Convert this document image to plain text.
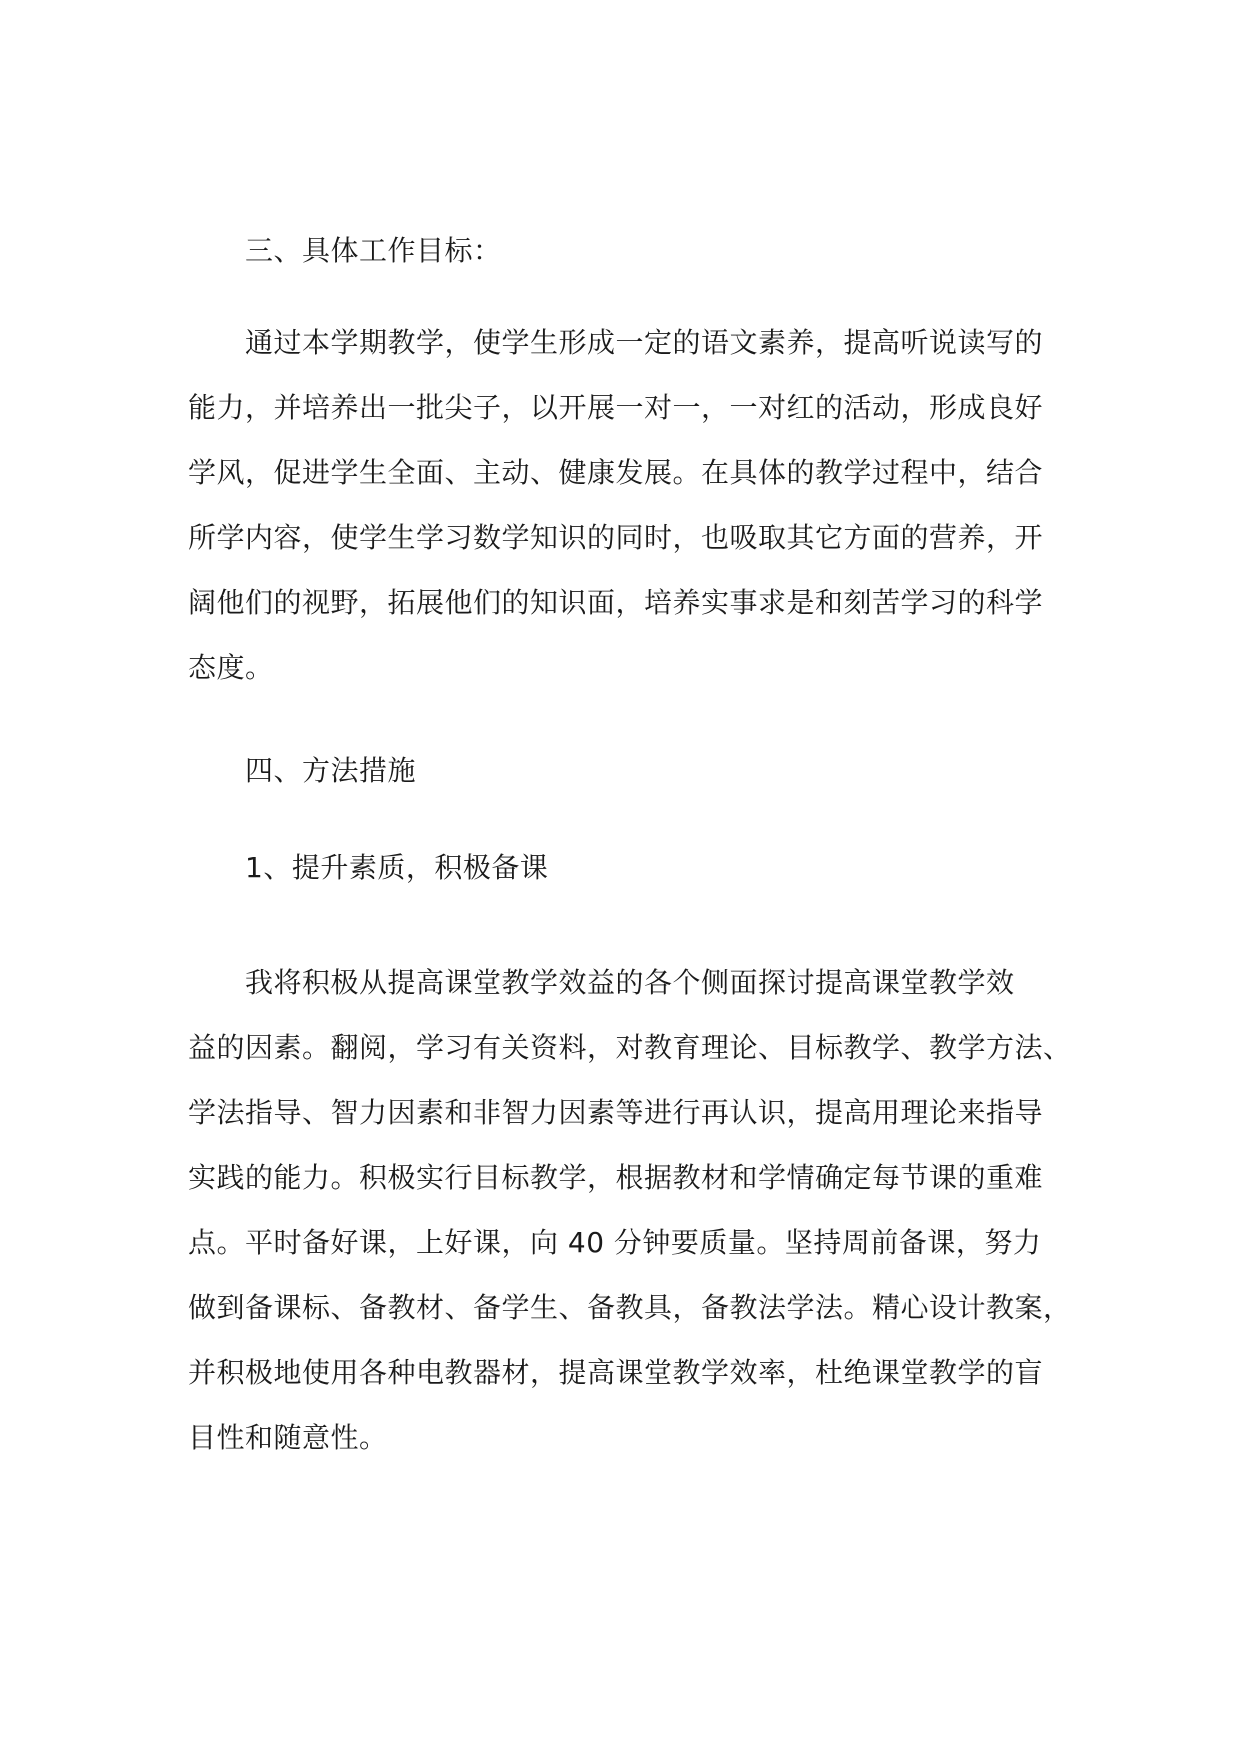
三、具体工作目标：

通过本学期教学，使学生形成一定的语文素养，提高听说读写的
能力，并培养出一批尖子，以开展一对一，一对红的活动，形成良好
学风，促进学生全面、主动、健康发展。在具体的教学过程中，结合
所学内容，使学生学习数学知识的同时，也吸取其它方面的营养，开
阔他们的视野，拓展他们的知识面，培养实事求是和刻苦学习的科学
态度。

四、方法措施

1、提升素质，积极备课

我将积极从提高课堂教学效益的各个侧面探讨提高课堂教学效
益的因素。翻阅，学习有关资料，对教育理论、目标教学、教学方法、
学法指导、智力因素和非智力因素等进行再认识，提高用理论来指导
实践的能力。积极实行目标教学，根据教材和学情确定每节课的重难
点。平时备好课，上好课，向 40 分钟要质量。坚持周前备课，努力
做到备课标、备教材、备学生、备教具，备教法学法。精心设计教案，
并积极地使用各种电教器材，提高课堂教学效率，杜绝课堂教学的盲
目性和随意性。
